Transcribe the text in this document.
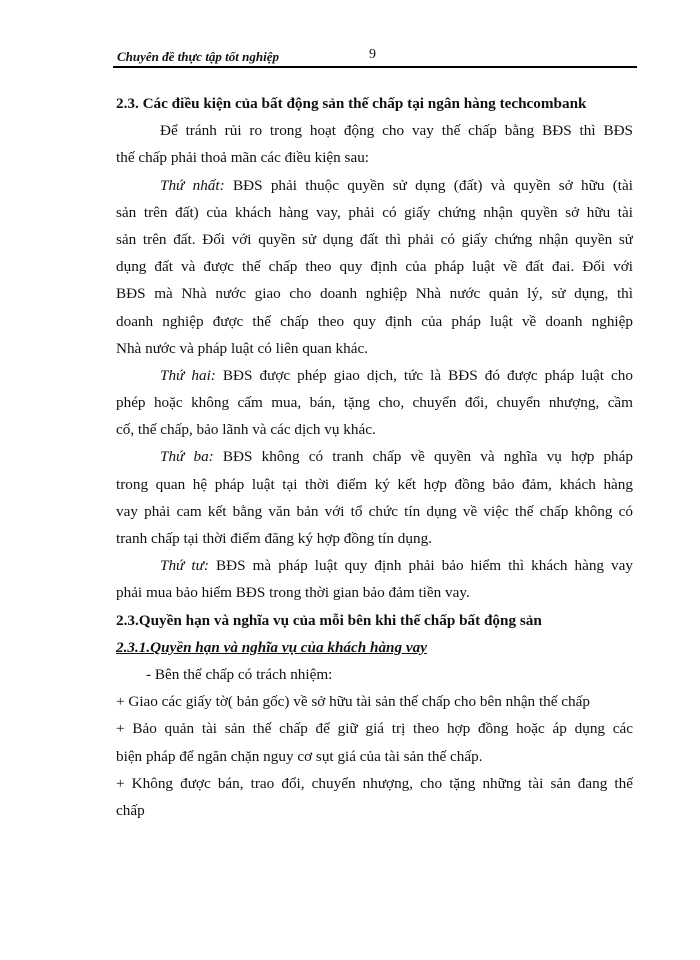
Chuyên đề thực tập tốt nghiệp	9
2.3. Các điều kiện của bất động sản thế chấp tại ngân hàng techcombank
Để tránh rủi ro trong hoạt động cho vay thế chấp bằng BĐS thì BĐS
thế chấp phải thoả mãn các điều kiện sau:
Thứ nhất: BĐS phải thuộc quyền sử dụng (đất) và quyền sở hữu (tài
sản trên đất) của khách hàng vay, phải có giấy chứng nhận quyền sở hữu tài
sản trên đất. Đối với quyền sử dụng đất thì phải có giấy chứng nhận quyền sử
dụng đất và được thế chấp theo quy định của pháp luật về đất đai. Đối với
BĐS mà Nhà nước giao cho doanh nghiệp Nhà nước quản lý, sử dụng, thì
doanh nghiệp được thế chấp theo quy định của pháp luật về doanh nghiệp
Nhà nước và pháp luật có liên quan khác.
Thứ hai: BĐS được phép giao dịch, tức là BĐS đó được pháp luật cho
phép hoặc không cấm mua, bán, tặng cho, chuyển đổi, chuyển nhượng, cầm
cố, thế chấp, bảo lãnh và các dịch vụ khác.
Thứ ba: BĐS không có tranh chấp về quyền và nghĩa vụ hợp pháp
trong quan hệ pháp luật tại thời điểm ký kết hợp đồng bảo đảm, khách hàng
vay phải cam kết bằng văn bản với tổ chức tín dụng về việc thế chấp không có
tranh chấp tại thời điểm đăng ký hợp đồng tín dụng.
Thứ tư: BĐS mà pháp luật quy định phải bảo hiểm thì khách hàng vay
phải mua bảo hiểm BĐS trong thời gian bảo đảm tiền vay.
2.3.Quyền hạn và nghĩa vụ của mỗi bên khi thế chấp bất động sản
2.3.1.Quyền hạn và nghĩa vụ của khách hàng vay
- Bên thế chấp có trách nhiệm:
+ Giao các giấy tờ( bản gốc) về sở hữu tài sản thế chấp cho bên nhận thế chấp
+ Bảo quản tài sản thế chấp để giữ giá trị theo hợp đồng hoặc áp dụng các
biện pháp để ngăn chặn nguy cơ sụt giá của tài sản thế chấp.
+ Không được bán, trao đổi, chuyển nhượng, cho tặng những tài sản đang thế
chấp
